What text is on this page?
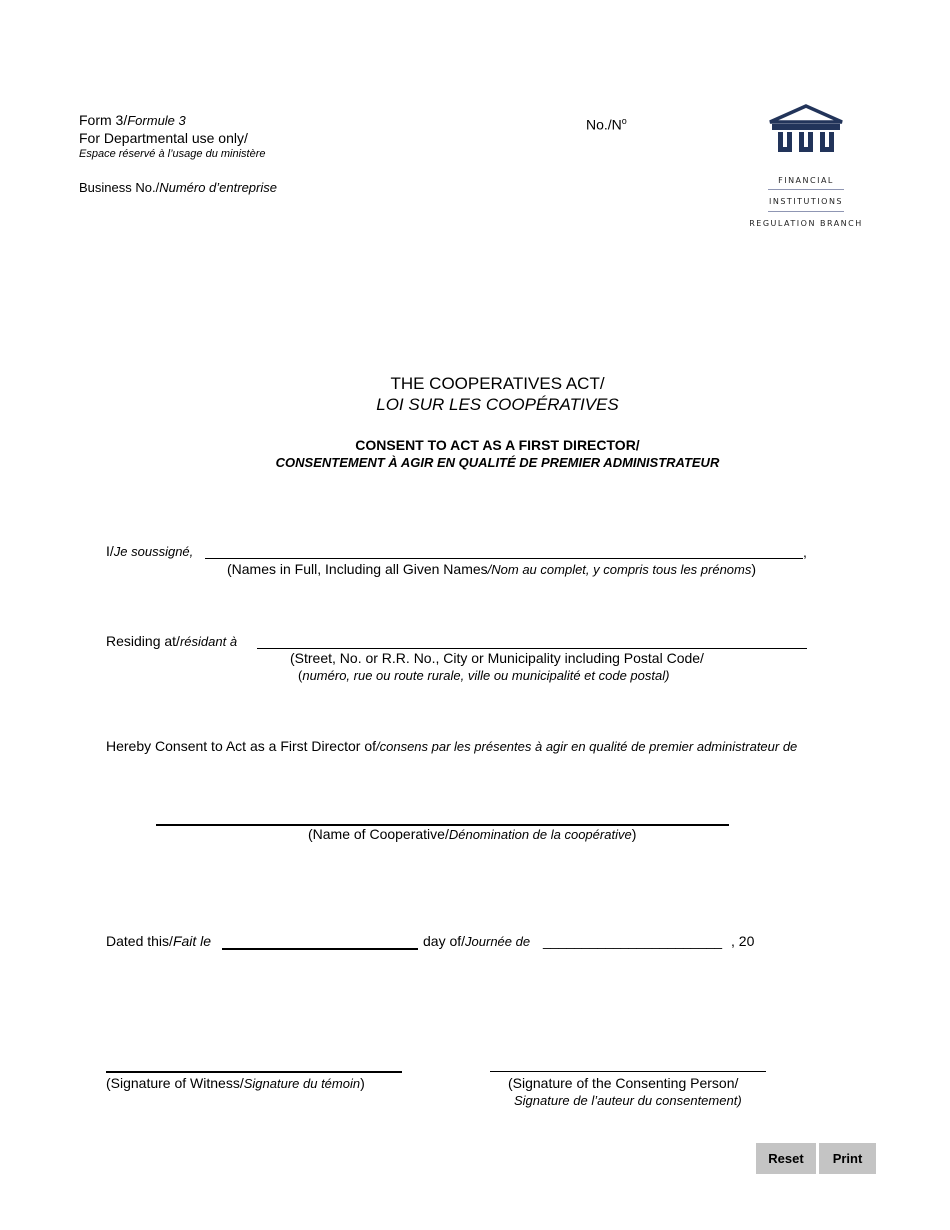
Form 3/Formule 3
For Departmental use only/
Espace réservé à l’usage du ministère
Business No./Numéro d’entreprise
$No./N^o$
FINANCIAL
INSTITUTIONS
REGULATION BRANCH
THE COOPERATIVES ACT/
LOI SUR LES COOPÉRATIVES
CONSENT TO ACT AS A FIRST DIRECTOR/
CONSENTEMENT À AGIR EN QUALITÉ DE PREMIER ADMINISTRATEUR
I/Je soussigné,	,
(Names in Full, Including all Given Names/Nom au complet, y compris tous les prénoms)
Residing at/résidant à
(Street, No. or R.R. No., City or Municipality including Postal Code/
(numéro, rue ou route rurale, ville ou municipalité et code postal)
Hereby Consent to Act as a First Director of/consens par les présentes à agir en qualité de premier administrateur de
(Name of Cooperative/Dénomination de la coopérative)
Dated this/Fait le	day of/Journée de _______________________ , 20
(Signature of Witness/Signature du témoin)	(Signature of the Consenting Person/
Signature de l’auteur du consentement)
Reset	Print
